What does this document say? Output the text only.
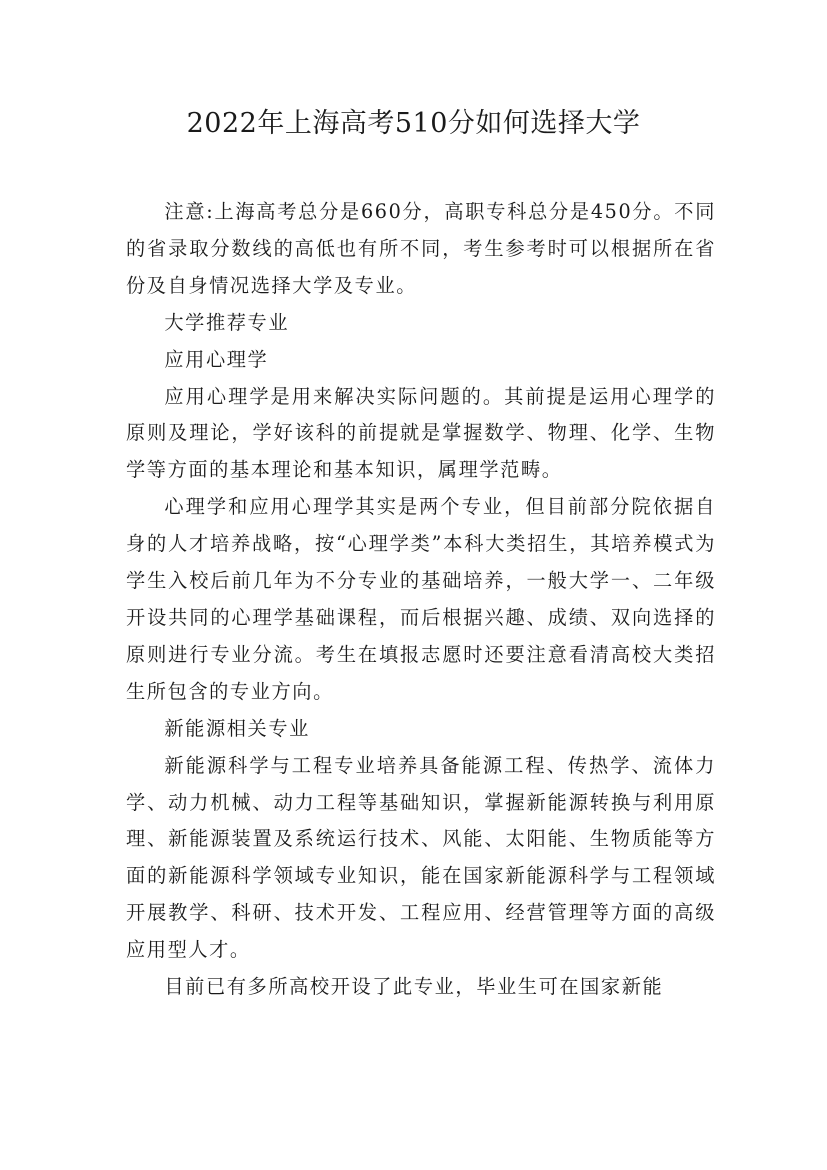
2022年上海高考510分如何选择大学

注意:上海高考总分是660分，高职专科总分是450分。不同的省录取分数线的高低也有所不同，考生参考时可以根据所在省份及自身情况选择大学及专业。

大学推荐专业

应用心理学

应用心理学是用来解决实际问题的。其前提是运用心理学的原则及理论，学好该科的前提就是掌握数学、物理、化学、生物学等方面的基本理论和基本知识，属理学范畴。

心理学和应用心理学其实是两个专业，但目前部分院依据自身的人才培养战略，按“心理学类”本科大类招生，其培养模式为学生入校后前几年为不分专业的基础培养，一般大学一、二年级开设共同的心理学基础课程，而后根据兴趣、成绩、双向选择的原则进行专业分流。考生在填报志愿时还要注意看清高校大类招生所包含的专业方向。

新能源相关专业

新能源科学与工程专业培养具备能源工程、传热学、流体力学、动力机械、动力工程等基础知识，掌握新能源转换与利用原理、新能源装置及系统运行技术、风能、太阳能、生物质能等方面的新能源科学领域专业知识，能在国家新能源科学与工程领域开展教学、科研、技术开发、工程应用、经营管理等方面的高级应用型人才。

目前已有多所高校开设了此专业，毕业生可在国家新能
